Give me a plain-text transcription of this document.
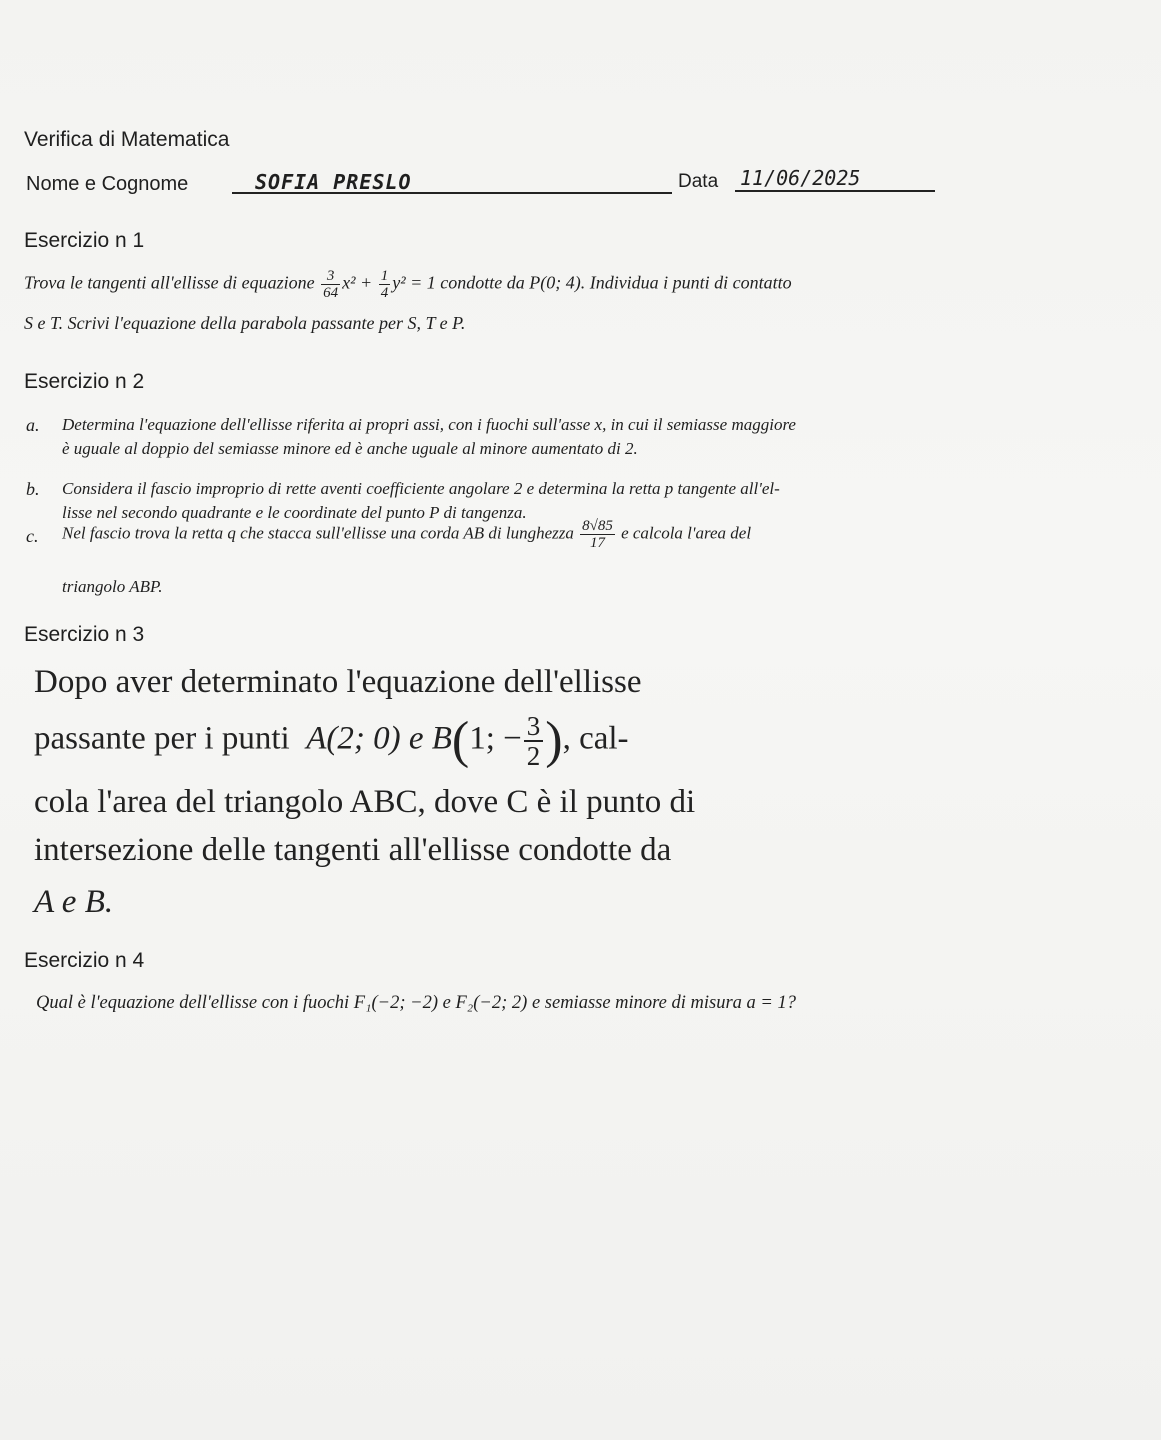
Verifica di Matematica
Nome e Cognome	SOFIA PRESLO	Data 11/06/2025
Esercizio n 1
Trova le tangenti all'ellisse di equazione $\frac{3}{64} x^2 + \frac{1}{4} y^2 = 1$ condotte da P(0; 4). Individua i punti di contatto
S e T. Scrivi l'equazione della parabola passante per S, T e P.
Esercizio n 2
a. Determina l'equazione dell'ellisse riferita ai propri assi, con i fuochi sull'asse x, in cui il semiasse maggiore
è uguale al doppio del semiasse minore ed è anche uguale al minore aumentato di 2.
b. Considera il fascio improprio di rette aventi coefficiente angolare 2 e determina la retta p tangente all'el-
lisse nel secondo quadrante e le coordinate del punto P di tangenza.
c. Nel fascio trova la retta q che stacca sull'ellisse una corda AB di lunghezza $\frac{8√85}{17}$ e calcola l'area del
triangolo ABP.
Esercizio n 3
Dopo aver determinato l'equazione dell'ellisse
passante per i punti A(2; 0) e B(1; − $\frac{3}{2}$ ), cal-
cola l'area del triangolo ABC, dove C è il punto di
intersezione delle tangenti all'ellisse condotte da
A e B.
Esercizio n 4
Qual è l'equazione dell'ellisse con i fuochi F₁(−2; −2) e F₂(−2; 2) e semiasse minore di misura a = 1?
